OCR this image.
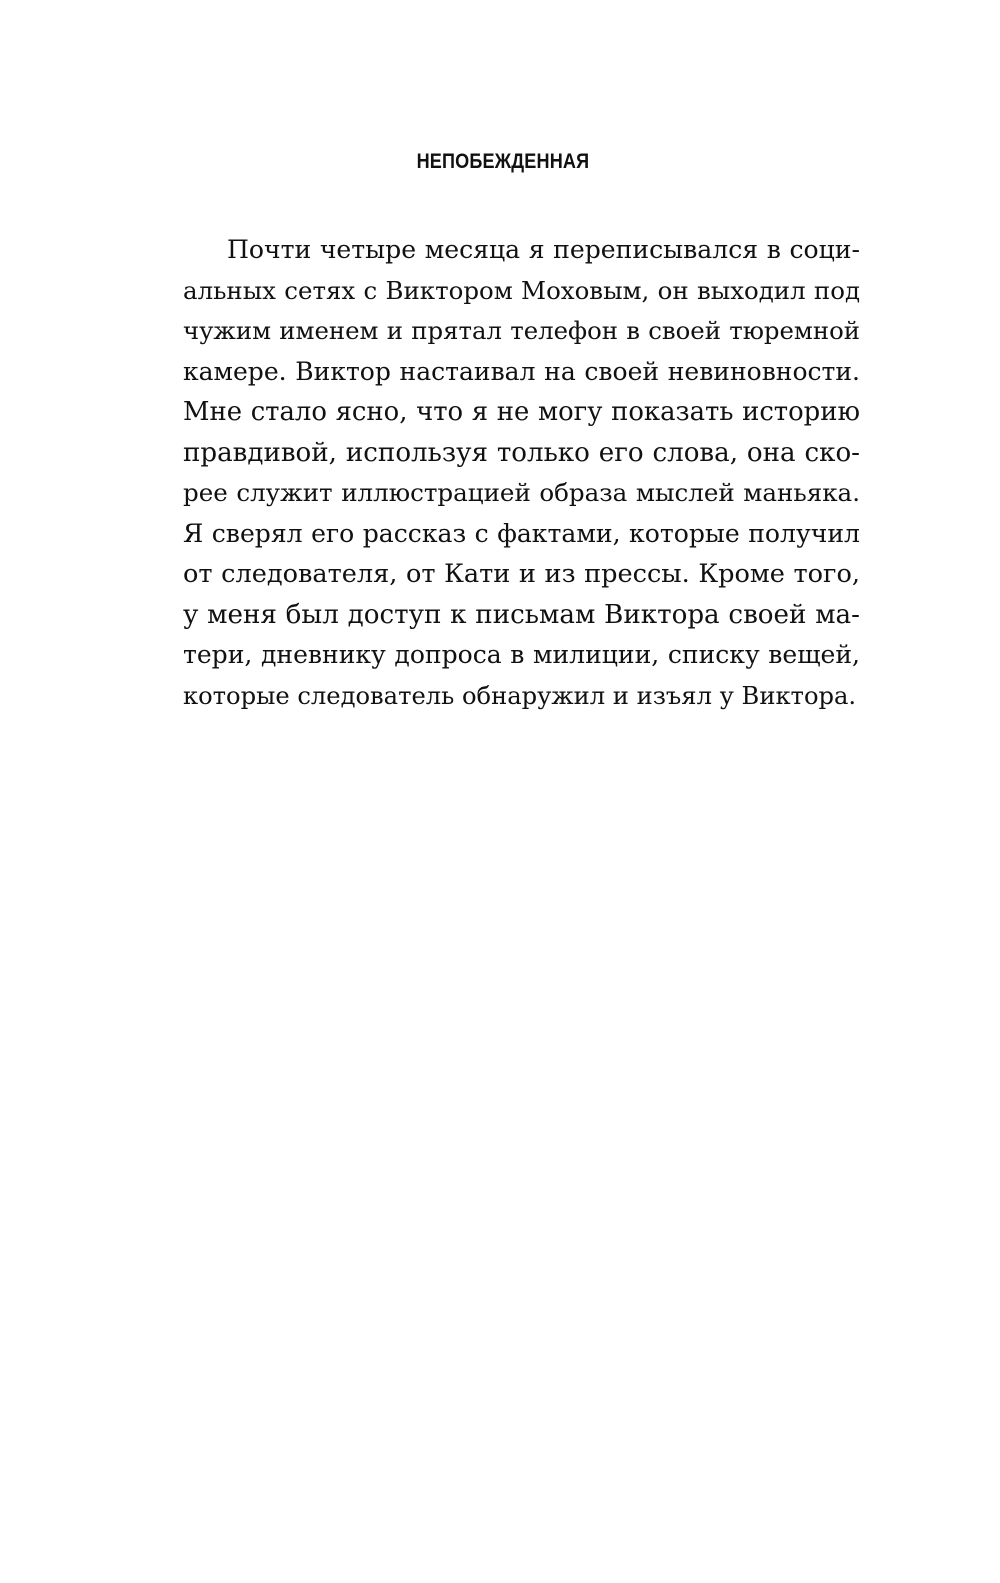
НЕПОБЕЖДЕННАЯ
Почти четыре месяца я переписывался в соци-
альных сетях с Виктором Моховым, он выходил под
чужим именем и прятал телефон в своей тюремной
камере. Виктор настаивал на своей невиновности.
Мне стало ясно, что я не могу показать историю
правдивой, используя только его слова, она ско-
рее служит иллюстрацией образа мыслей маньяка.
Я сверял его рассказ с фактами, которые получил
от следователя, от Кати и из прессы. Кроме того,
у меня был доступ к письмам Виктора своей ма-
тери, дневнику допроса в милиции, списку вещей,
которые следователь обнаружил и изъял у Виктора.
